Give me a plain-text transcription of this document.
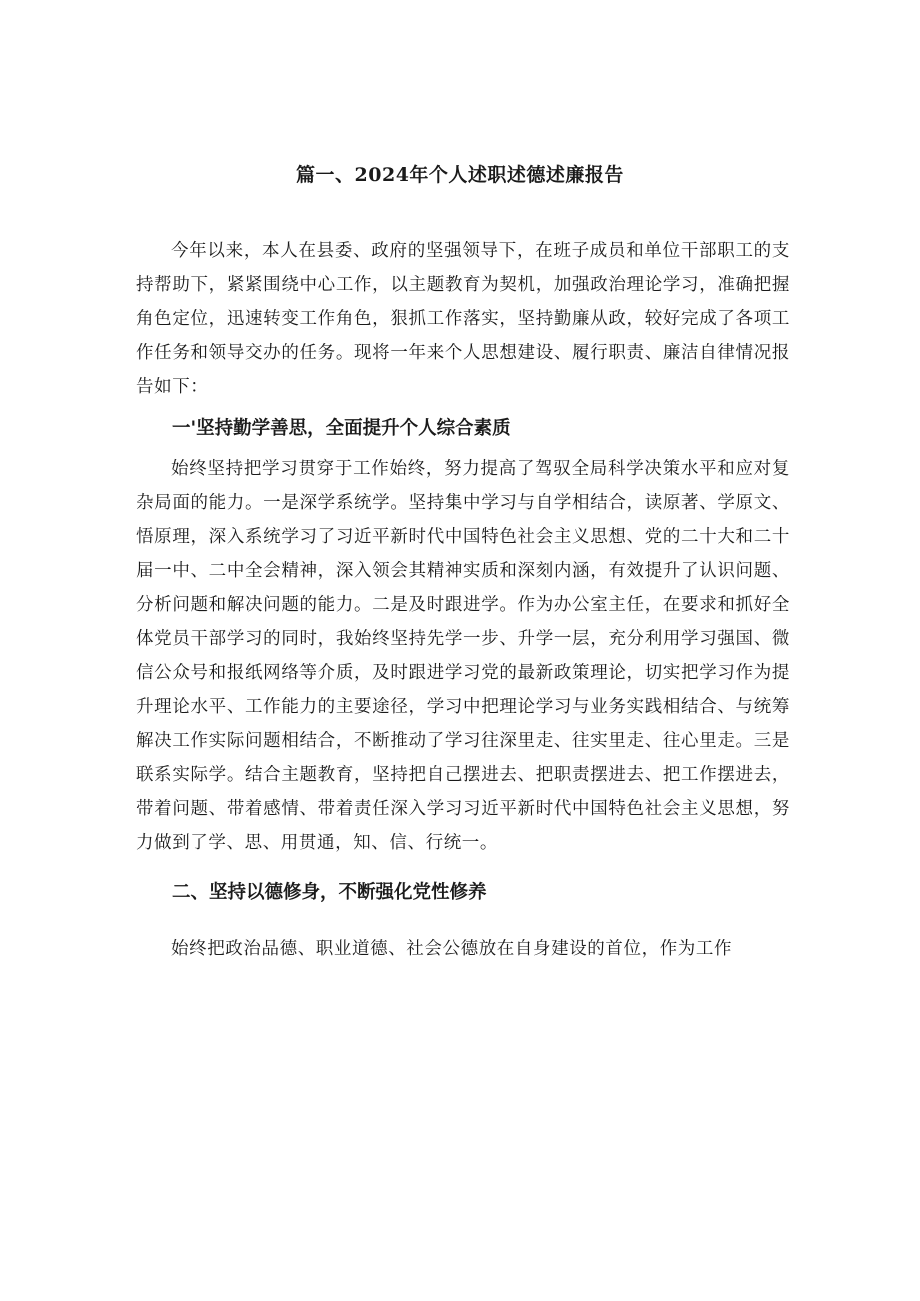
篇一、2024年个人述职述德述廉报告

今年以来，本人在县委、政府的坚强领导下，在班子成员和单位干部职工的支持帮助下，紧紧围绕中心工作，以主题教育为契机，加强政治理论学习，准确把握角色定位，迅速转变工作角色，狠抓工作落实，坚持勤廉从政，较好完成了各项工作任务和领导交办的任务。现将一年来个人思想建设、履行职责、廉洁自律情况报告如下：

一'坚持勤学善思，全面提升个人综合素质

始终坚持把学习贯穿于工作始终，努力提高了驾驭全局科学决策水平和应对复杂局面的能力。一是深学系统学。坚持集中学习与自学相结合，读原著、学原文、悟原理，深入系统学习了习近平新时代中国特色社会主义思想、党的二十大和二十届一中、二中全会精神，深入领会其精神实质和深刻内涵，有效提升了认识问题、分析问题和解决问题的能力。二是及时跟进学。作为办公室主任，在要求和抓好全体党员干部学习的同时，我始终坚持先学一步、升学一层，充分利用学习强国、微信公众号和报纸网络等介质，及时跟进学习党的最新政策理论，切实把学习作为提升理论水平、工作能力的主要途径，学习中把理论学习与业务实践相结合、与统筹解决工作实际问题相结合，不断推动了学习往深里走、往实里走、往心里走。三是联系实际学。结合主题教育，坚持把自己摆进去、把职责摆进去、把工作摆进去，带着问题、带着感情、带着责任深入学习习近平新时代中国特色社会主义思想，努力做到了学、思、用贯通，知、信、行统一。

二、坚持以德修身，不断强化党性修养

始终把政治品德、职业道德、社会公德放在自身建设的首位，作为工作
